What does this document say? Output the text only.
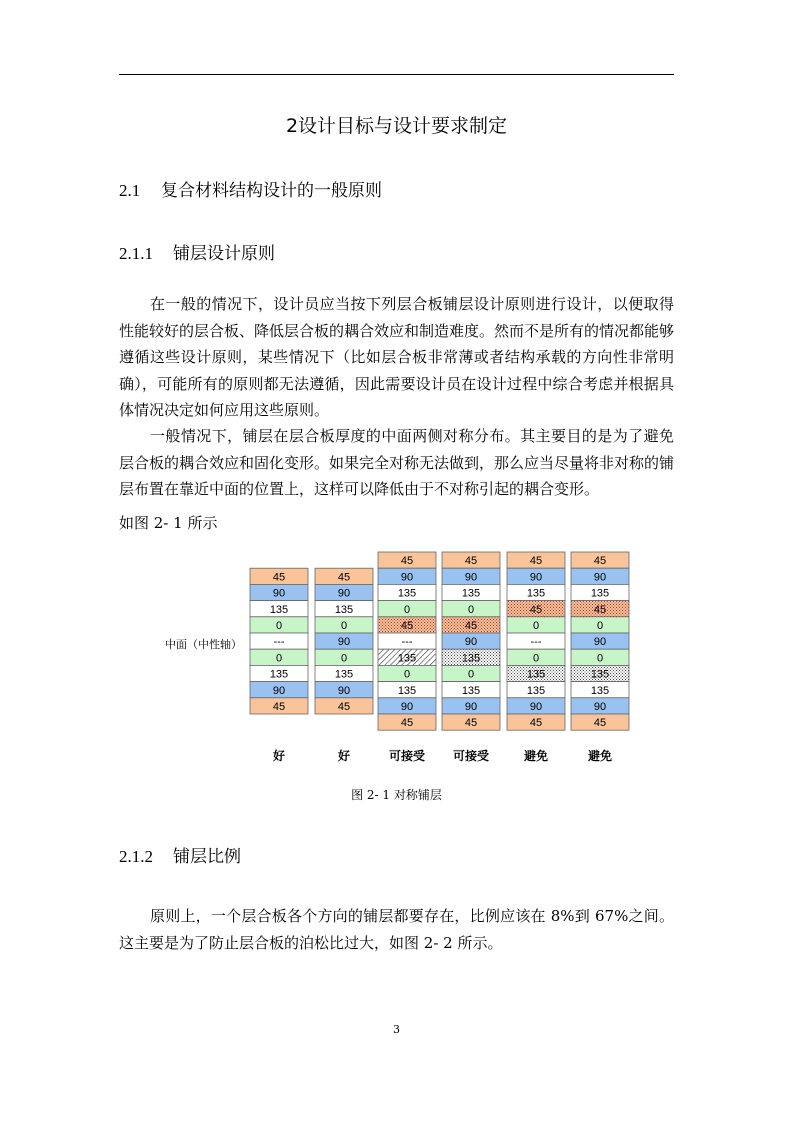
2设计目标与设计要求制定
2.1 复合材料结构设计的一般原则
2.1.1 铺层设计原则

在一般的情况下，设计员应当按下列层合板铺层设计原则进行设计，以便取得性能较好的层合板、降低层合板的耦合效应和制造难度。然而不是所有的情况都能够遵循这些设计原则，某些情况下（比如层合板非常薄或者结构承载的方向性非常明确），可能所有的原则都无法遵循，因此需要设计员在设计过程中综合考虑并根据具体情况决定如何应用这些原则。

一般情况下，铺层在层合板厚度的中面两侧对称分布。其主要目的是为了避免层合板的耦合效应和固化变形。如果完全对称无法做到，那么应当尽量将非对称的铺层布置在靠近中面的位置上，这样可以降低由于不对称引起的耦合变形。

如图 2- 1 所示

中面（中性轴）
45
90
135
0
---
0
135
90
45
好
45
90
135
0
90
0
135
90
45
好
45
90
135
0
45
---
135
0
135
90
45
可接受
45
90
135
0
45
90
135
0
135
90
45
可接受
45
90
135
45
0
---
0
135
135
90
45
避免
45
90
135
45
0
90
0
135
135
90
45
避免
图 2- 1 对称铺层
2.1.2 铺层比例

原则上，一个层合板各个方向的铺层都要存在，比例应该在 8%到 67%之间。这主要是为了防止层合板的泊松比过大，如图 2- 2 所示。

3
